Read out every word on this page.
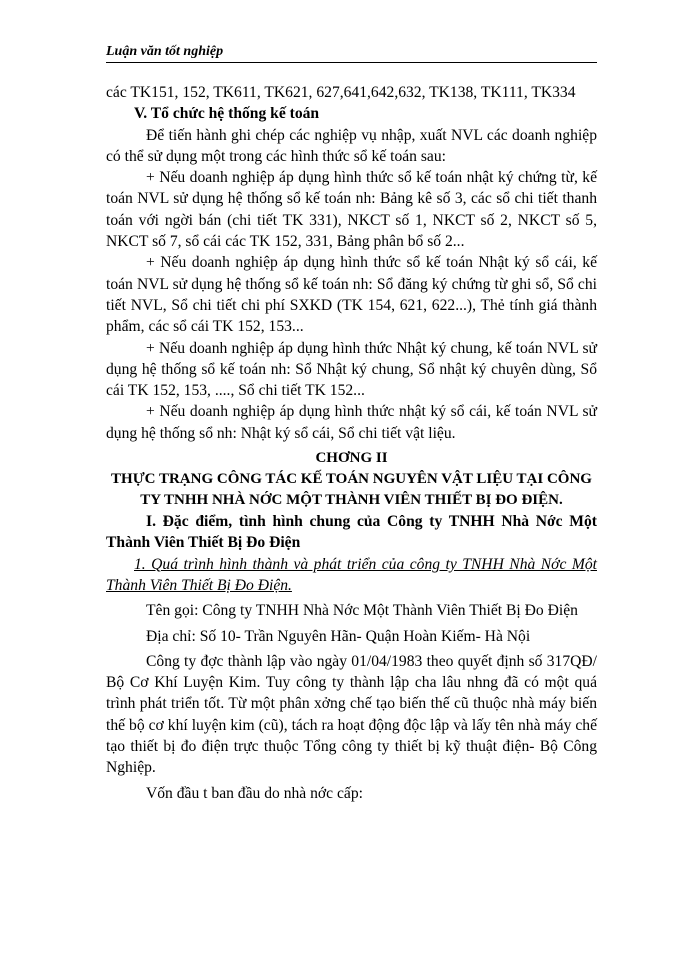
Luận văn tốt nghiệp

các TK151, 152, TK611, TK621, 627,641,642,632, TK138, TK111, TK334

V. Tổ chức hệ thống kế toán

Để tiến hành ghi chép các nghiệp vụ nhập, xuất NVL các doanh nghiệp có thể sử dụng một trong các hình thức sổ kế toán sau:

+ Nếu doanh nghiệp áp dụng hình thức sổ kế toán nhật ký chứng từ, kế toán NVL sử dụng hệ thống sổ kế toán nh: Bảng kê số 3, các sổ chi tiết thanh toán với ngời bán (chi tiết TK 331), NKCT số 1, NKCT số 2, NKCT số 5, NKCT số 7, sổ cái các TK 152, 331, Bảng phân bổ số 2...

+ Nếu doanh nghiệp áp dụng hình thức sổ kế toán Nhật ký sổ cái, kế toán NVL sử dụng hệ thống sổ kế toán nh: Sổ đăng ký chứng từ ghi sổ, Sổ chi tiết NVL, Sổ chi tiết chi phí SXKD (TK 154, 621, 622...), Thẻ tính giá thành phẩm, các sổ cái TK 152, 153...

+ Nếu doanh nghiệp áp dụng hình thức Nhật ký chung, kế toán NVL sử dụng hệ thống sổ kế toán nh: Sổ Nhật ký chung, Sổ nhật ký chuyên dùng, Sổ cái TK 152, 153, ...., Sổ chi tiết TK 152...

+ Nếu doanh nghiệp áp dụng hình thức nhật ký sổ cái, kế toán NVL sử dụng hệ thống sổ nh: Nhật ký sổ cái, Sổ chi tiết vật liệu.

CHƠNG II

THỰC TRẠNG CÔNG TÁC KẾ TOÁN NGUYÊN VẬT LIỆU TẠI CÔNG TY TNHH NHÀ NỚC MỘT THÀNH VIÊN THIẾT BỊ ĐO ĐIỆN.

I. Đặc điểm, tình hình chung của Công ty TNHH Nhà Nớc Một Thành Viên Thiết Bị Đo Điện

1. Quá trình hình thành và phát triển của công ty TNHH Nhà Nớc Một Thành Viên Thiết Bị Đo Điện.

Tên gọi: Công ty TNHH Nhà Nớc Một Thành Viên Thiết Bị Đo Điện

Địa chỉ: Số 10- Trần Nguyên Hãn- Quận Hoàn Kiếm- Hà Nội

Công ty đợc thành lập vào ngày 01/04/1983 theo quyết định số 317QĐ/ Bộ Cơ Khí Luyện Kim. Tuy công ty thành lập cha lâu nhng đã có một quá trình phát triển tốt. Từ một phân xởng chế tạo biến thế cũ thuộc nhà máy biến thế bộ cơ khí luyện kim (cũ), tách ra hoạt động độc lập và lấy tên nhà máy chế tạo thiết bị đo điện trực thuộc Tổng công ty thiết bị kỹ thuật điện- Bộ Công Nghiệp.

Vốn đầu t ban đầu do nhà nớc cấp:
